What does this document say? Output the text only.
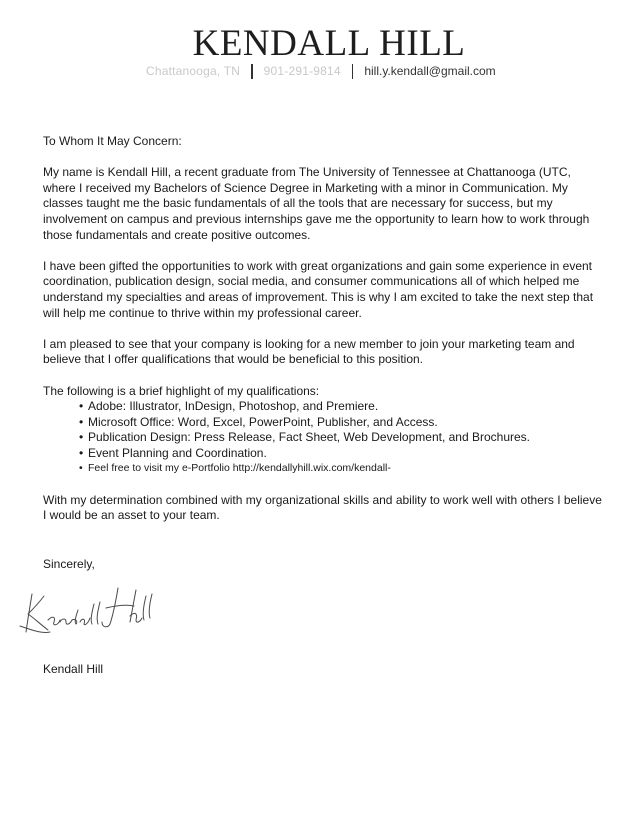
KENDALL HILL
Chattanooga, TN 901-291-9814 hill.y.kendall@gmail.com

To Whom It May Concern:

My name is Kendall Hill, a recent graduate from The University of Tennessee at Chattanooga (UTC, where I received my Bachelors of Science Degree in Marketing with a minor in Communication. My classes taught me the basic fundamentals of all the tools that are necessary for success, but my involvement on campus and previous internships gave me the opportunity to learn how to work through those fundamentals and create positive outcomes.

I have been gifted the opportunities to work with great organizations and gain some experience in event coordination, publication design, social media, and consumer communications all of which helped me understand my specialties and areas of improvement. This is why I am excited to take the next step that will help me continue to thrive within my professional career.

I am pleased to see that your company is looking for a new member to join your marketing team and believe that I offer qualifications that would be beneficial to this position.

The following is a brief highlight of my qualifications:

• Adobe: Illustrator, InDesign, Photoshop, and Premiere.
• Microsoft Office: Word, Excel, PowerPoint, Publisher, and Access.
• Publication Design: Press Release, Fact Sheet, Web Development, and Brochures.
• Event Planning and Coordination.
• Feel free to visit my e-Portfolio http://kendallyhill.wix.com/kendall-

With my determination combined with my organizational skills and ability to work well with others I believe I would be an asset to your team.

Sincerely,
Kendall Hill
